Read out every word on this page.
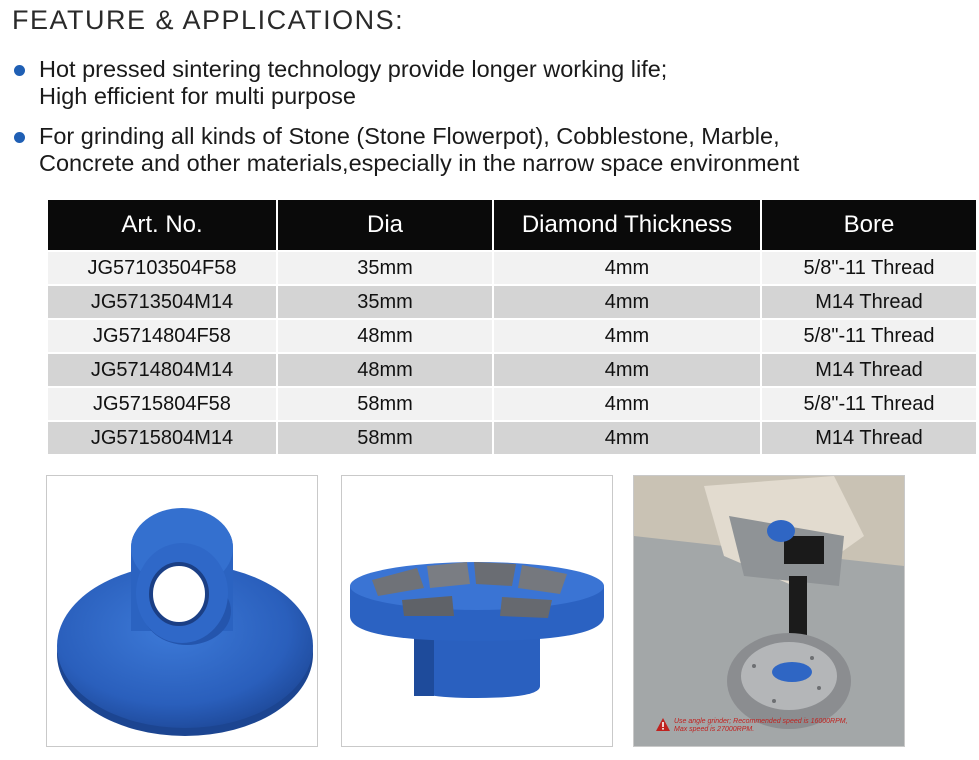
FEATURE & APPLICATIONS:
Hot pressed sintering technology provide longer working life;
High efficient for multi purpose
For grinding all kinds of Stone (Stone Flowerpot), Cobblestone, Marble,
Concrete and other materials,especially in the narrow space environment
Art. No.	Dia	Diamond Thickness	Bore
JG57103504F58	35mm	4mm	5/8"-11 Thread
JG5713504M14	35mm	4mm	M14 Thread
JG5714804F58	48mm	4mm	5/8"-11 Thread
JG5714804M14	48mm	4mm	M14 Thread
JG5715804F58	58mm	4mm	5/8"-11 Thread
JG5715804M14	58mm	4mm	M14 Thread
Use angle grinder; Recommended speed is 16000RPM,
Max speed is 27000RPM.
